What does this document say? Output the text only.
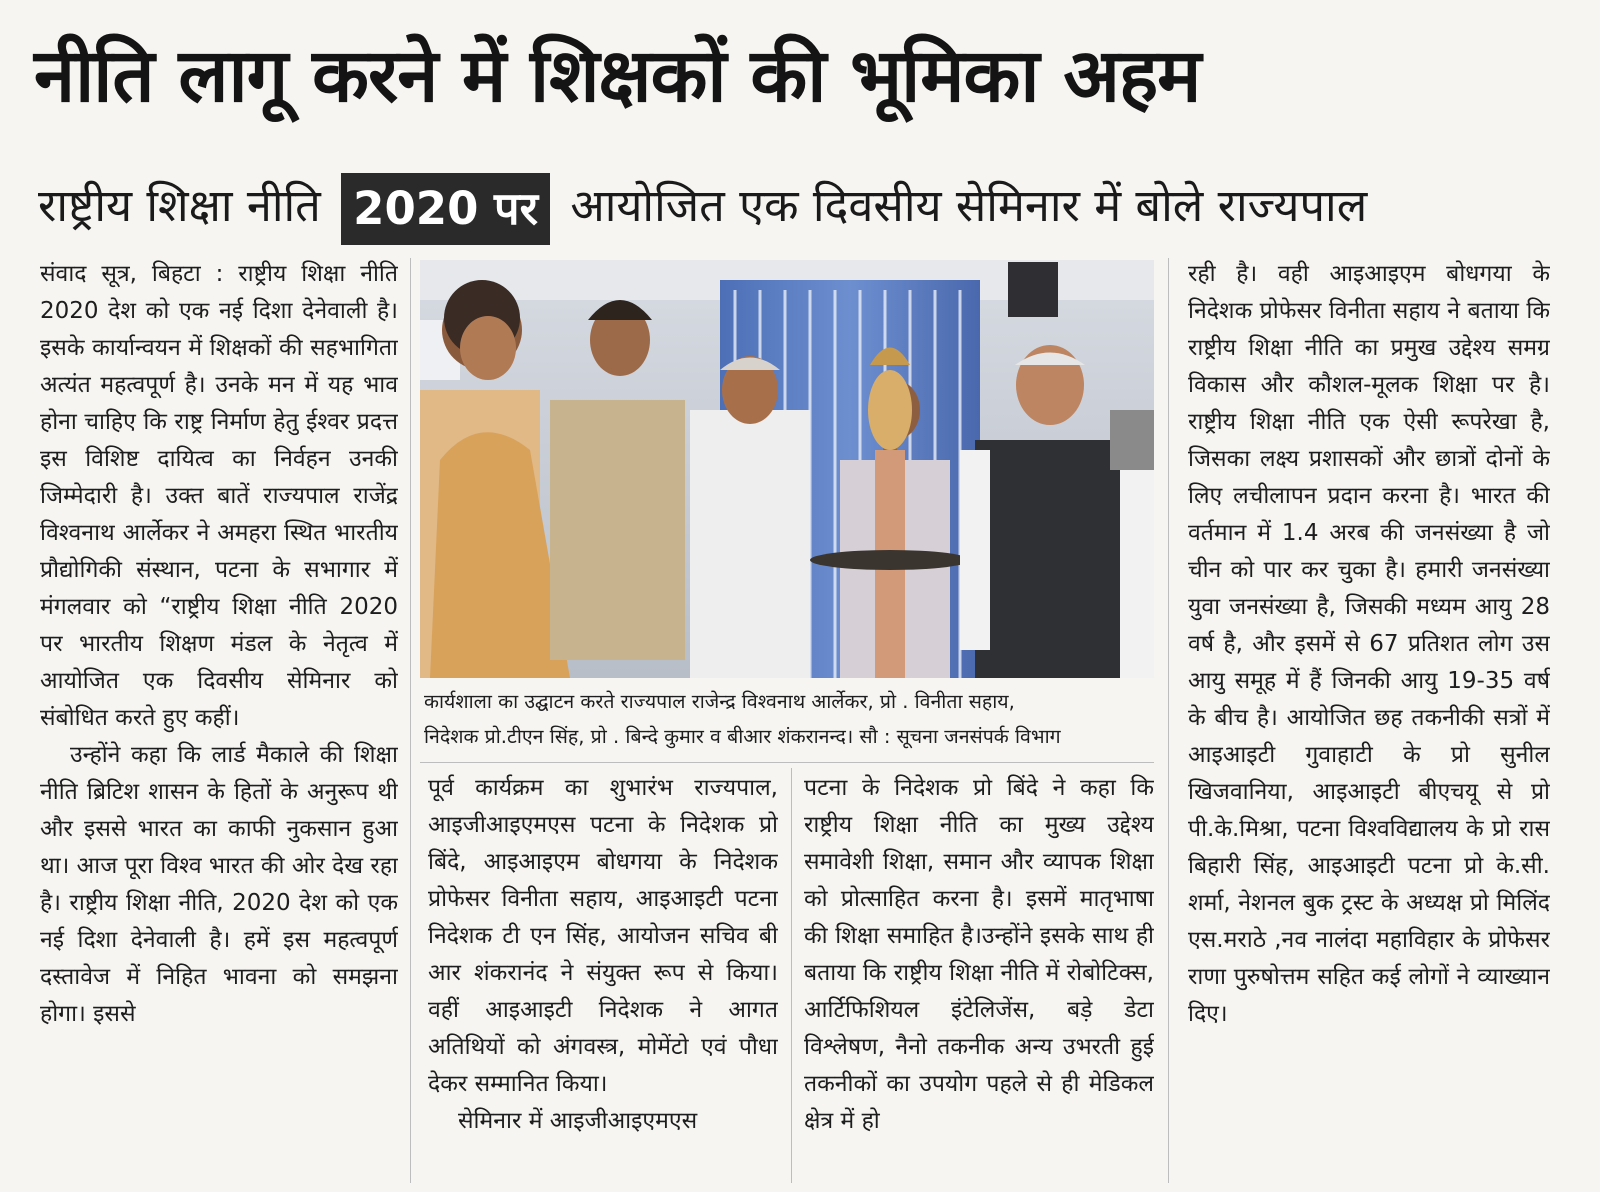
नीति लागू करने में शिक्षकों की भूमिका अहम
राष्ट्रीय शिक्षा नीति 2020 पर आयोजित एक दिवसीय सेमिनार में बोले राज्यपाल

संवाद सूत्र, बिहटा : राष्ट्रीय शिक्षा नीति 2020 देश को एक नई दिशा देनेवाली है। इसके कार्यान्वयन में शिक्षकों की सहभागिता अत्यंत महत्वपूर्ण है। उनके मन में यह भाव होना चाहिए कि राष्ट्र निर्माण हेतु ईश्वर प्रदत्त इस विशिष्ट दायित्व का निर्वहन उनकी जिम्मेदारी है। उक्त बातें राज्यपाल राजेंद्र विश्वनाथ आर्लेकर ने अमहरा स्थित भारतीय प्रौद्योगिकी संस्थान, पटना के सभागार में मंगलवार को “राष्ट्रीय शिक्षा नीति 2020 पर भारतीय शिक्षण मंडल के नेतृत्व में आयोजित एक दिवसीय सेमिनार को संबोधित करते हुए कहीं।

उन्होंने कहा कि लार्ड मैकाले की शिक्षा नीति ब्रिटिश शासन के हितों के अनुरूप थी और इससे भारत का काफी नुकसान हुआ था। आज पूरा विश्व भारत की ओर देख रहा है। राष्ट्रीय शिक्षा नीति, 2020 देश को एक नई दिशा देनेवाली है। हमें इस महत्वपूर्ण दस्तावेज में निहित भावना को समझना होगा। इससे

कार्यशाला का उद्घाटन करते राज्यपाल राजेन्द्र विश्वनाथ आर्लेकर, प्रो . विनीता सहाय,
निदेशक प्रो.टीएन सिंह, प्रो . बिन्दे कुमार व बीआर शंकरानन्द। सौ : सूचना जनसंपर्क विभाग

पूर्व कार्यक्रम का शुभारंभ राज्यपाल, आइजीआइएमएस पटना के निदेशक प्रो बिंदे, आइआइएम बोधगया के निदेशक प्रोफेसर विनीता सहाय, आइआइटी पटना निदेशक टी एन सिंह, आयोजन सचिव बी आर शंकरानंद ने संयुक्त रूप से किया। वहीं आइआइटी निदेशक ने आगत अतिथियों को अंगवस्त्र, मोमेंटो एवं पौधा देकर सम्मानित किया।

सेमिनार में आइजीआइएमएस

पटना के निदेशक प्रो बिंदे ने कहा कि राष्ट्रीय शिक्षा नीति का मुख्य उद्देश्य समावेशी शिक्षा, समान और व्यापक शिक्षा को प्रोत्साहित करना है। इसमें मातृभाषा की शिक्षा समाहित है।उन्होंने इसके साथ ही बताया कि राष्ट्रीय शिक्षा नीति में रोबोटिक्स, आर्टिफिशियल इंटेलिजेंस, बड़े डेटा विश्लेषण, नैनो तकनीक अन्य उभरती हुई तकनीकों का उपयोग पहले से ही मेडिकल क्षेत्र में हो

रही है। वही आइआइएम बोधगया के निदेशक प्रोफेसर विनीता सहाय ने बताया कि राष्ट्रीय शिक्षा नीति का प्रमुख उद्देश्य समग्र विकास और कौशल-मूलक शिक्षा पर है। राष्ट्रीय शिक्षा नीति एक ऐसी रूपरेखा है, जिसका लक्ष्य प्रशासकों और छात्रों दोनों के लिए लचीलापन प्रदान करना है। भारत की वर्तमान में 1.4 अरब की जनसंख्या है जो चीन को पार कर चुका है। हमारी जनसंख्या युवा जनसंख्या है, जिसकी मध्यम आयु 28 वर्ष है, और इसमें से 67 प्रतिशत लोग उस आयु समूह में हैं जिनकी आयु 19-35 वर्ष के बीच है। आयोजित छह तकनीकी सत्रों में आइआइटी गुवाहाटी के प्रो सुनील खिजवानिया, आइआइटी बीएचयू से प्रो पी.के.मिश्रा, पटना विश्वविद्यालय के प्रो रास बिहारी सिंह, आइआइटी पटना प्रो के.सी. शर्मा, नेशनल बुक ट्रस्ट के अध्यक्ष प्रो मिलिंद एस.मराठे ,नव नालंदा महाविहार के प्रोफेसर राणा पुरुषोत्तम सहित कई लोगों ने व्याख्यान दिए।
